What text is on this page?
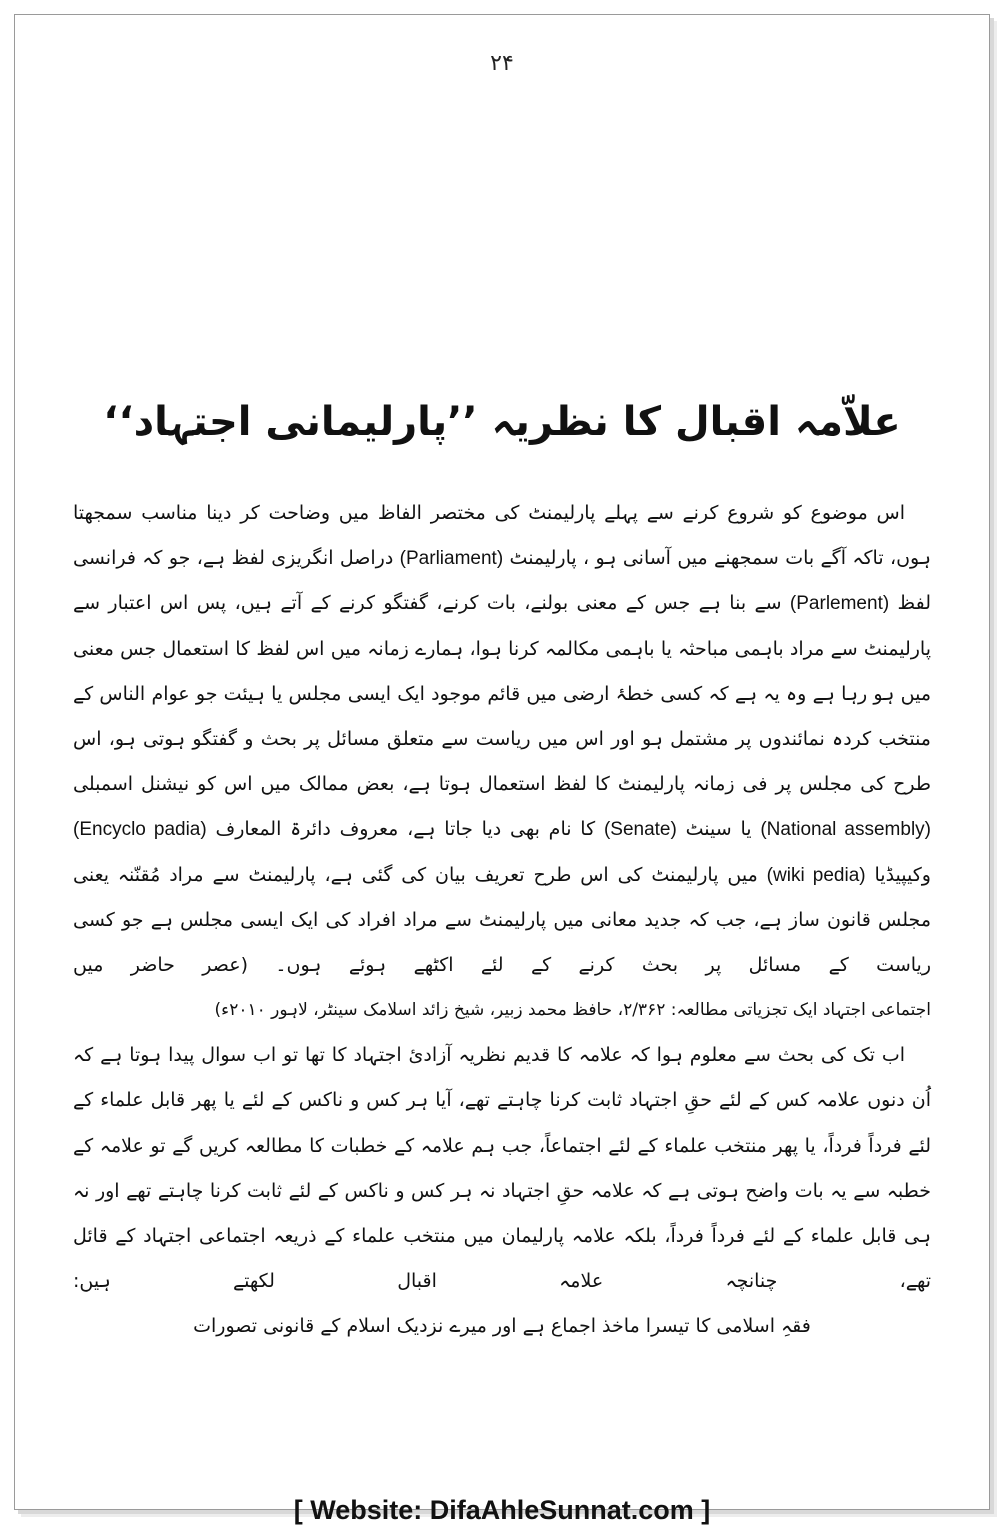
۲۴
علاّمہ اقبال کا نظریہ ’’پارلیمانی اجتہاد‘‘
اس موضوع کو شروع کرنے سے پہلے پارلیمنٹ کی مختصر الفاظ میں وضاحت کر دینا مناسب سمجھتا ہوں، تاکہ آگے بات سمجھنے میں آسانی ہو ، پارلیمنٹ (Parliament) دراصل انگریزی لفظ ہے، جو کہ فرانسی لفظ (Parlement) سے بنا ہے جس کے معنی بولنے، بات کرنے، گفتگو کرنے کے آتے ہیں، پس اس اعتبار سے پارلیمنٹ سے مراد باہمی مباحثہ یا باہمی مکالمہ کرنا ہوا، ہمارے زمانہ میں اس لفظ کا استعمال جس معنی میں ہو رہا ہے وہ یہ ہے کہ کسی خطۂ ارضی میں قائم موجود ایک ایسی مجلس یا ہیئت جو عوام الناس کے منتخب کردہ نمائندوں پر مشتمل ہو اور اس میں ریاست سے متعلق مسائل پر بحث و گفتگو ہوتی ہو، اس طرح کی مجلس پر فی زمانہ پارلیمنٹ کا لفظ استعمال ہوتا ہے، بعض ممالک میں اس کو نیشنل اسمبلی (National assembly) یا سینٹ (Senate) کا نام بھی دیا جاتا ہے، معروف دائرۃ المعارف (Encyclo padia) وکیپیڈیا (wiki pedia) میں پارلیمنٹ کی اس طرح تعریف بیان کی گئی ہے، پارلیمنٹ سے مراد مُقنّنہ یعنی مجلس قانون ساز ہے، جب کہ جدید معانی میں پارلیمنٹ سے مراد افراد کی ایک ایسی مجلس ہے جو کسی ریاست کے مسائل پر بحث کرنے کے لئے اکٹھے ہوئے ہوں۔ (عصر حاضر میں
اجتماعی اجتہاد ایک تجزیاتی مطالعہ: ۲/۳۶۲، حافظ محمد زبیر، شیخ زائد اسلامک سینٹر، لاہور ۲۰۱۰ء)
اب تک کی بحث سے معلوم ہوا کہ علامہ کا قدیم نظریہ آزادئ اجتہاد کا تھا تو اب سوال پیدا ہوتا ہے کہ اُن دنوں علامہ کس کے لئے حقِ اجتہاد ثابت کرنا چاہتے تھے، آیا ہر کس و ناکس کے لئے یا پھر قابل علماء کے لئے فرداً فرداً، یا پھر منتخب علماء کے لئے اجتماعاً، جب ہم علامہ کے خطبات کا مطالعہ کریں گے تو علامہ کے خطبہ سے یہ بات واضح ہوتی ہے کہ علامہ حقِ اجتہاد نہ ہر کس و ناکس کے لئے ثابت کرنا چاہتے تھے اور نہ ہی قابل علماء کے لئے فرداً فرداً، بلکہ علامہ پارلیمان میں منتخب علماء کے ذریعہ اجتماعی اجتہاد کے قائل تھے، چنانچہ علامہ اقبال لکھتے ہیں:
فقہِ اسلامی کا تیسرا ماخذ اجماع ہے اور میرے نزدیک اسلام کے قانونی تصورات
[ Website: DifaAhleSunnat.com ]
